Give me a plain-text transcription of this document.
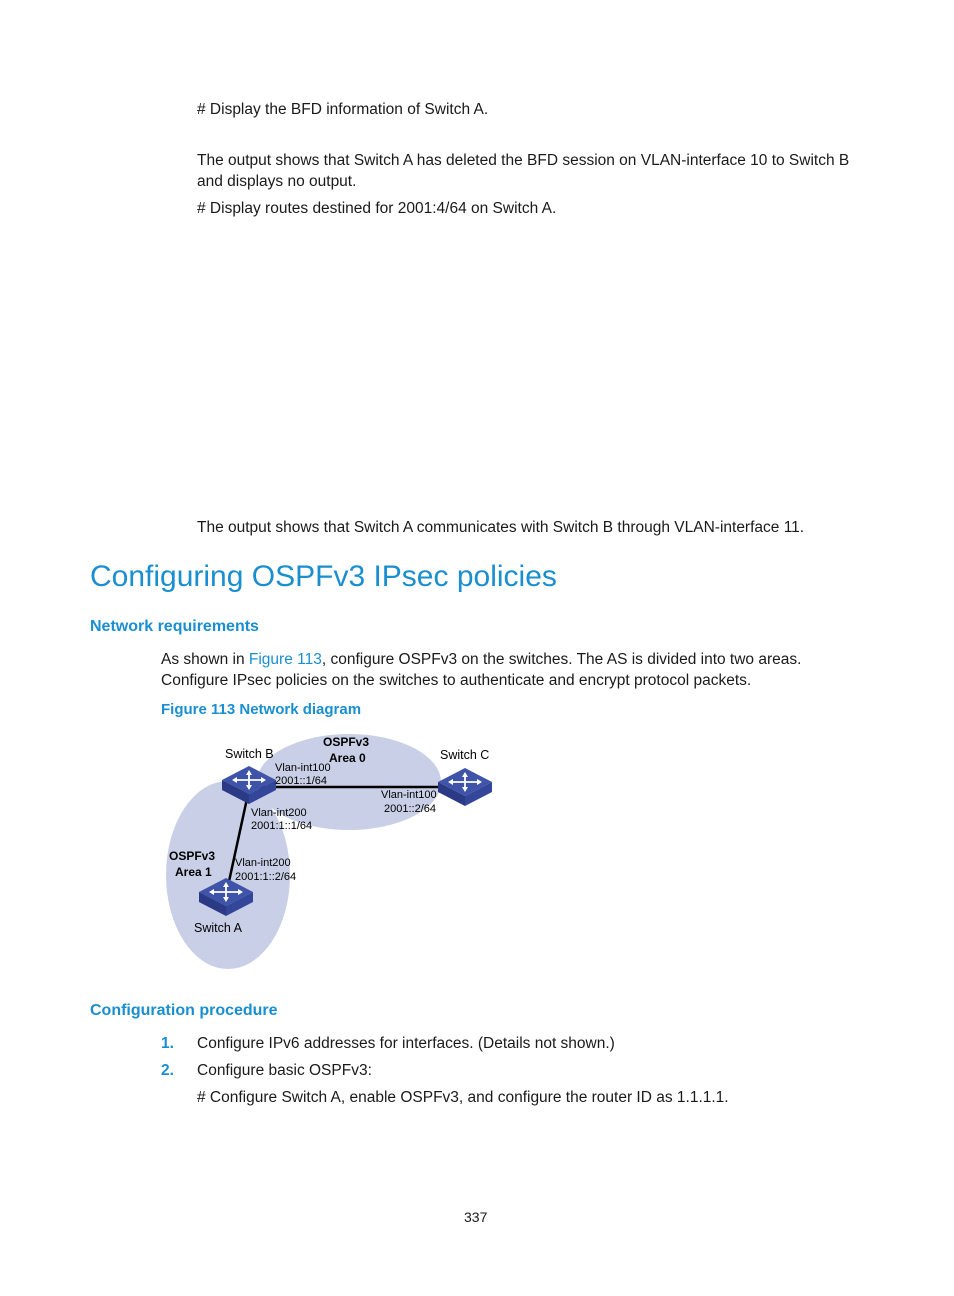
# Display the BFD information of Switch A.
The output shows that Switch A has deleted the BFD session on VLAN-interface 10 to Switch B and displays no output.
# Display routes destined for 2001:4/64 on Switch A.
The output shows that Switch A communicates with Switch B through VLAN-interface 11.
Configuring OSPFv3 IPsec policies
Network requirements
As shown in Figure 113, configure OSPFv3 on the switches. The AS is divided into two areas. Configure IPsec policies on the switches to authenticate and encrypt protocol packets.
Figure 113 Network diagram
Switch B	Switch C
Switch A
OSPFv3
Area 0
OSPFv3
Area 1
Vlan-int100
2001::1/64
Vlan-int100
2001::2/64
Vlan-int200
2001:1::1/64
Vlan-int200
2001:1::2/64
Configuration procedure
1. Configure IPv6 addresses for interfaces. (Details not shown.)
2. Configure basic OSPFv3:
# Configure Switch A, enable OSPFv3, and configure the router ID as 1.1.1.1.
337
